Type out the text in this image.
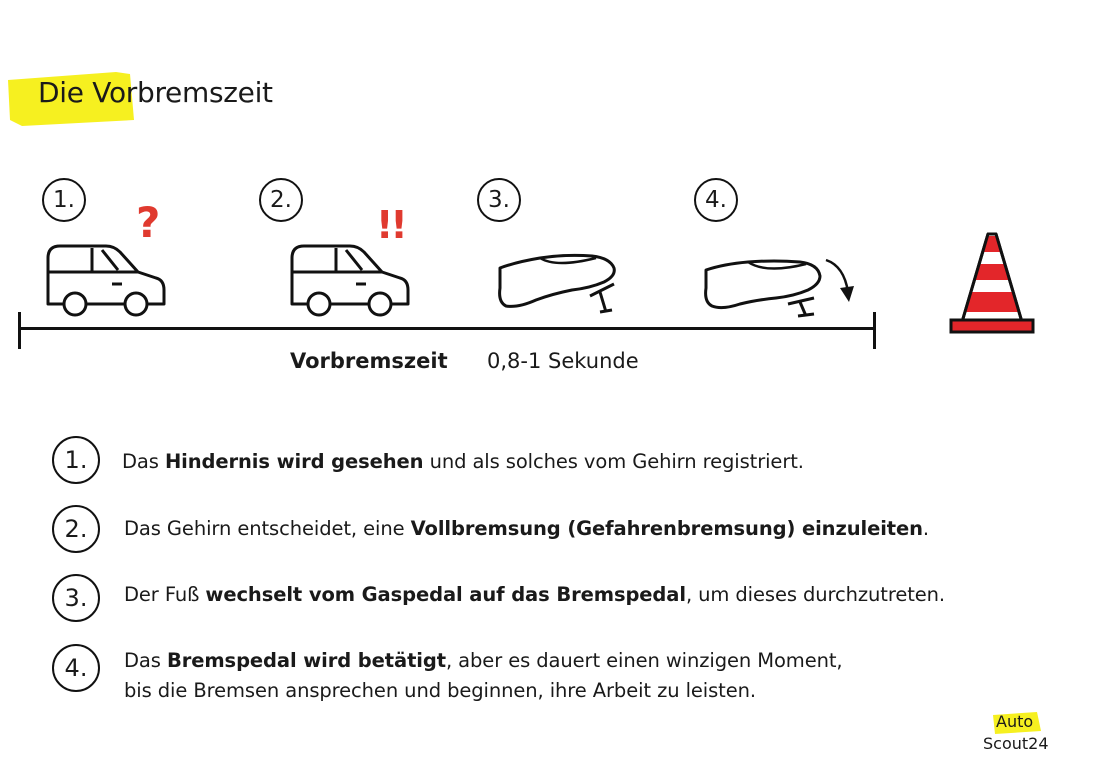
Die Vorbremszeit
1.	2.	3.	4.
?	!!
Vorbremszeit 0,8-1 Sekunde
1.
2.
3.
4.
Das Hindernis wird gesehen und als solches vom Gehirn registriert.
Das Gehirn entscheidet, eine Vollbremsung (Gefahrenbremsung) einzuleiten.
Der Fuß wechselt vom Gaspedal auf das Bremspedal, um dieses durchzutreten.
Das Bremspedal wird betätigt, aber es dauert einen winzigen Moment,
bis die Bremsen ansprechen und beginnen, ihre Arbeit zu leisten.
Auto
Scout24
